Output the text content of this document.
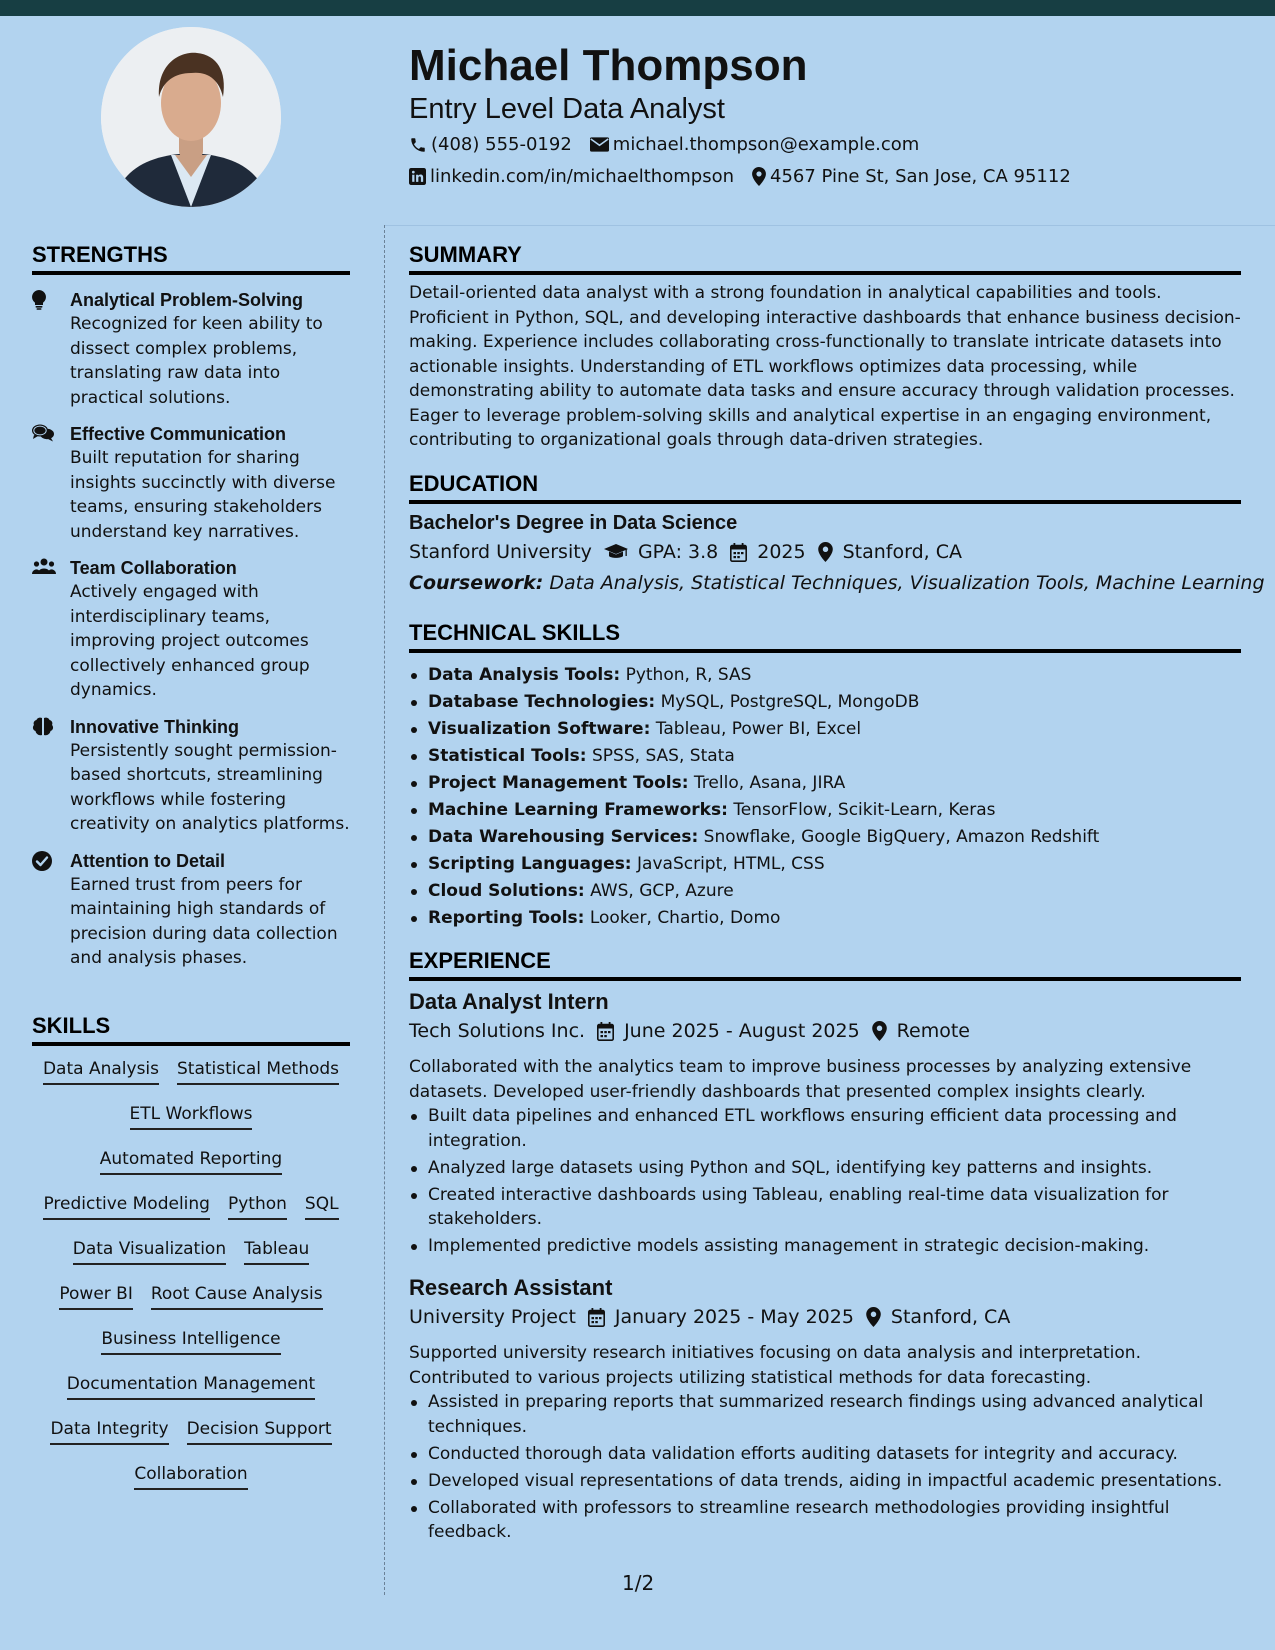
Michael Thompson
Entry Level Data Analyst
(408) 555-0192 michael.thompson@example.com
linkedin.com/in/michaelthompson 4567 Pine St, San Jose, CA 95112
STRENGTHS
Analytical Problem-Solving
Recognized for keen ability to dissect complex problems, translating raw data into practical solutions.
Effective Communication
Built reputation for sharing insights succinctly with diverse teams, ensuring stakeholders understand key narratives.
Team Collaboration
Actively engaged with interdisciplinary teams, improving project outcomes collectively enhanced group dynamics.
Innovative Thinking
Persistently sought permission-based shortcuts, streamlining workflows while fostering creativity on analytics platforms.
Attention to Detail
Earned trust from peers for maintaining high standards of precision during data collection and analysis phases.
SKILLS
Data Analysis Statistical Methods
ETL Workflows
Automated Reporting
Predictive Modeling Python SQL
Data Visualization Tableau
Power BI Root Cause Analysis
Business Intelligence
Documentation Management
Data Integrity Decision Support
Collaboration
SUMMARY
Detail-oriented data analyst with a strong foundation in analytical capabilities and tools. Proficient in Python, SQL, and developing interactive dashboards that enhance business decision-making. Experience includes collaborating cross-functionally to translate intricate datasets into actionable insights. Understanding of ETL workflows optimizes data processing, while demonstrating ability to automate data tasks and ensure accuracy through validation processes. Eager to leverage problem-solving skills and analytical expertise in an engaging environment, contributing to organizational goals through data-driven strategies.
EDUCATION
Bachelor's Degree in Data Science
Stanford University GPA: 3.8 2025 Stanford, CA
Coursework: Data Analysis, Statistical Techniques, Visualization Tools, Machine Learning
TECHNICAL SKILLS
Data Analysis Tools: Python, R, SAS
Database Technologies: MySQL, PostgreSQL, MongoDB
Visualization Software: Tableau, Power BI, Excel
Statistical Tools: SPSS, SAS, Stata
Project Management Tools: Trello, Asana, JIRA
Machine Learning Frameworks: TensorFlow, Scikit-Learn, Keras
Data Warehousing Services: Snowflake, Google BigQuery, Amazon Redshift
Scripting Languages: JavaScript, HTML, CSS
Cloud Solutions: AWS, GCP, Azure
Reporting Tools: Looker, Chartio, Domo
EXPERIENCE
Data Analyst Intern
Tech Solutions Inc. June 2025 - August 2025 Remote
Collaborated with the analytics team to improve business processes by analyzing extensive datasets. Developed user-friendly dashboards that presented complex insights clearly.
Built data pipelines and enhanced ETL workflows ensuring efficient data processing and integration.
Analyzed large datasets using Python and SQL, identifying key patterns and insights.
Created interactive dashboards using Tableau, enabling real-time data visualization for stakeholders.
Implemented predictive models assisting management in strategic decision-making.
Research Assistant
University Project January 2025 - May 2025 Stanford, CA
Supported university research initiatives focusing on data analysis and interpretation. Contributed to various projects utilizing statistical methods for data forecasting.
Assisted in preparing reports that summarized research findings using advanced analytical techniques.
Conducted thorough data validation efforts auditing datasets for integrity and accuracy.
Developed visual representations of data trends, aiding in impactful academic presentations.
Collaborated with professors to streamline research methodologies providing insightful feedback.
1/2
